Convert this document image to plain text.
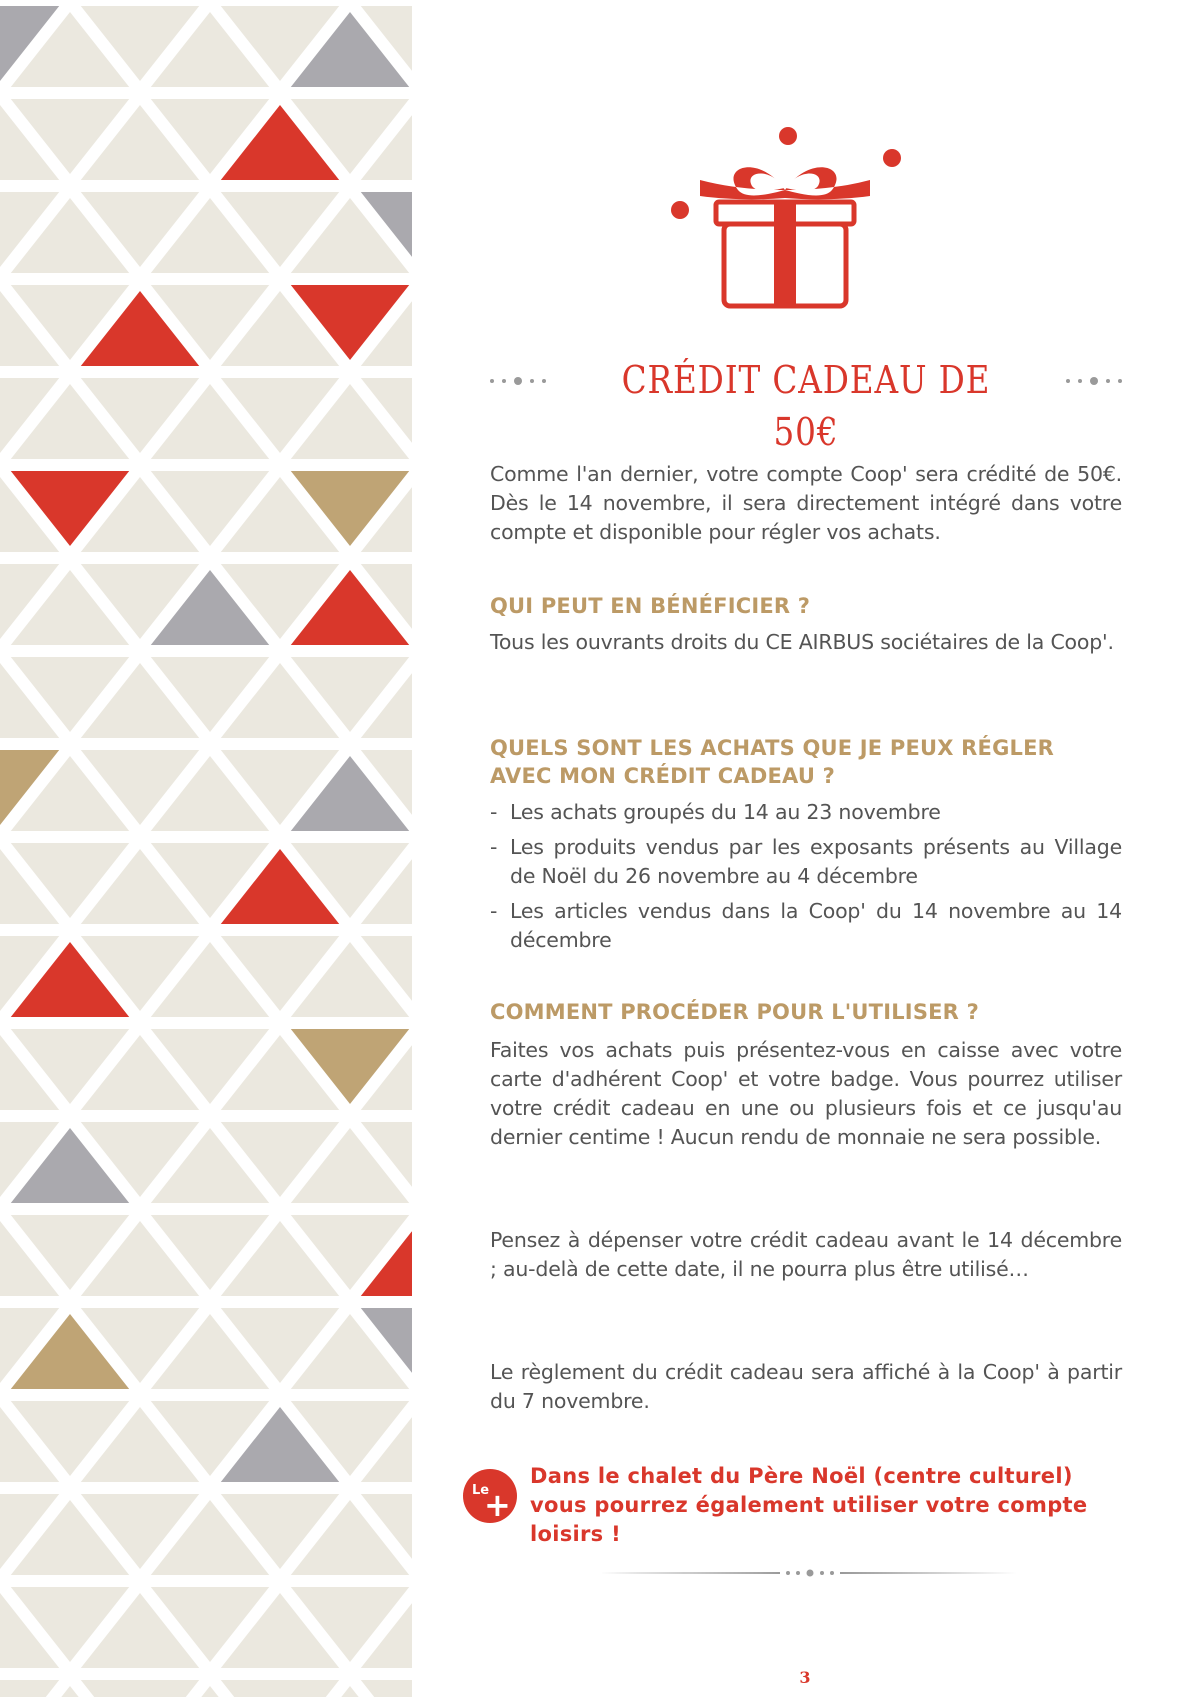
CRÉDIT CADEAU DE 50€
Comme l'an dernier, votre compte Coop' sera crédité de 50€. Dès le 14 novembre, il sera directement intégré dans votre compte et disponible pour régler vos achats.
QUI PEUT EN BÉNÉFICIER ?
Tous les ouvrants droits du CE AIRBUS sociétaires de la Coop'.
QUELS SONT LES ACHATS QUE JE PEUX RÉGLER AVEC MON CRÉDIT CADEAU ?
- Les achats groupés du 14 au 23 novembre
- Les produits vendus par les exposants présents au Village de Noël du 26 novembre au 4 décembre
- Les articles vendus dans la Coop' du 14 novembre au 14 décembre
COMMENT PROCÉDER POUR L'UTILISER ?
Faites vos achats puis présentez-vous en caisse avec votre carte d'adhérent Coop' et votre badge. Vous pourrez utiliser votre crédit cadeau en une ou plusieurs fois et ce jusqu'au dernier centime ! Aucun rendu de monnaie ne sera possible.
Pensez à dépenser votre crédit cadeau avant le 14 décembre ; au-delà de cette date, il ne pourra plus être utilisé…
Le règlement du crédit cadeau sera affiché à la Coop' à partir du 7 novembre.
Le
+
Dans le chalet du Père Noël (centre culturel) vous pourrez également utiliser votre compte loisirs !
3
